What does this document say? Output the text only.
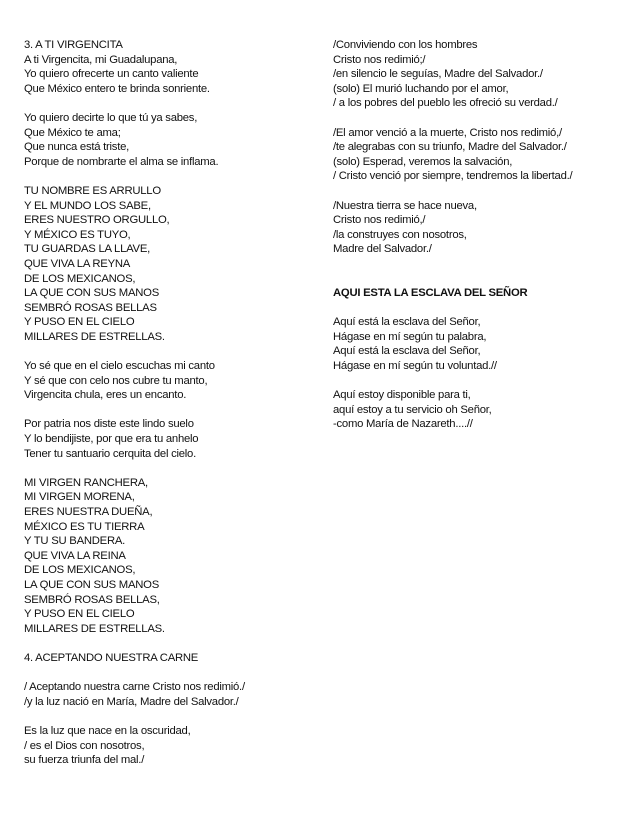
3. A TI VIRGENCITA
A ti Virgencita, mi Guadalupana,
Yo quiero ofrecerte un canto valiente
Que México entero te brinda sonriente.
Yo quiero decirte lo que tú ya sabes,
Que México te ama;
Que nunca está triste,
Porque de nombrarte el alma se inflama.
TU NOMBRE ES ARRULLO
Y EL MUNDO LOS SABE,
ERES NUESTRO ORGULLO,
Y MÉXICO ES TUYO,
TU GUARDAS LA LLAVE,
QUE VIVA LA REYNA
DE LOS MEXICANOS,
LA QUE CON SUS MANOS
SEMBRÓ ROSAS BELLAS
Y PUSO EN EL CIELO
MILLARES DE ESTRELLAS.
Yo sé que en el cielo escuchas mi canto
Y sé que con celo nos cubre tu manto,
Virgencita chula, eres un encanto.
Por patria nos diste este lindo suelo
Y lo bendijiste, por que era tu anhelo
Tener tu santuario cerquita del cielo.
MI VIRGEN RANCHERA,
MI VIRGEN MORENA,
ERES NUESTRA DUEÑA,
MÉXICO ES TU TIERRA
Y TU SU BANDERA.
QUE VIVA LA REINA
DE LOS MEXICANOS,
LA QUE CON SUS MANOS
SEMBRÓ ROSAS BELLAS,
Y PUSO EN EL CIELO
MILLARES DE ESTRELLAS.
4. ACEPTANDO NUESTRA CARNE
/ Aceptando nuestra carne Cristo nos redimió./
/y la luz nació en María, Madre del Salvador./
Es la luz que nace en la oscuridad,
/ es el Dios con nosotros,
su fuerza triunfa del mal./
/Conviviendo con los hombres
Cristo nos redimió;/
/en silencio le seguías, Madre del Salvador./
(solo) El murió luchando por el amor,
/ a los pobres del pueblo les ofreció su verdad./
/El amor venció a la muerte, Cristo nos redimió,/
/te alegrabas con su triunfo, Madre del Salvador./
(solo) Esperad, veremos la salvación,
/ Cristo venció por siempre, tendremos la libertad./
/Nuestra tierra se hace nueva,
Cristo nos redimió,/
/la construyes con nosotros,
Madre del Salvador./
AQUI ESTA LA ESCLAVA DEL SEÑOR
Aquí está la esclava del Señor,
Hágase en mí según tu palabra,
Aquí está la esclava del Señor,
Hágase en mí según tu voluntad.//
Aquí estoy disponible para ti,
aquí estoy a tu servicio oh Señor,
-como María de Nazareth....//
